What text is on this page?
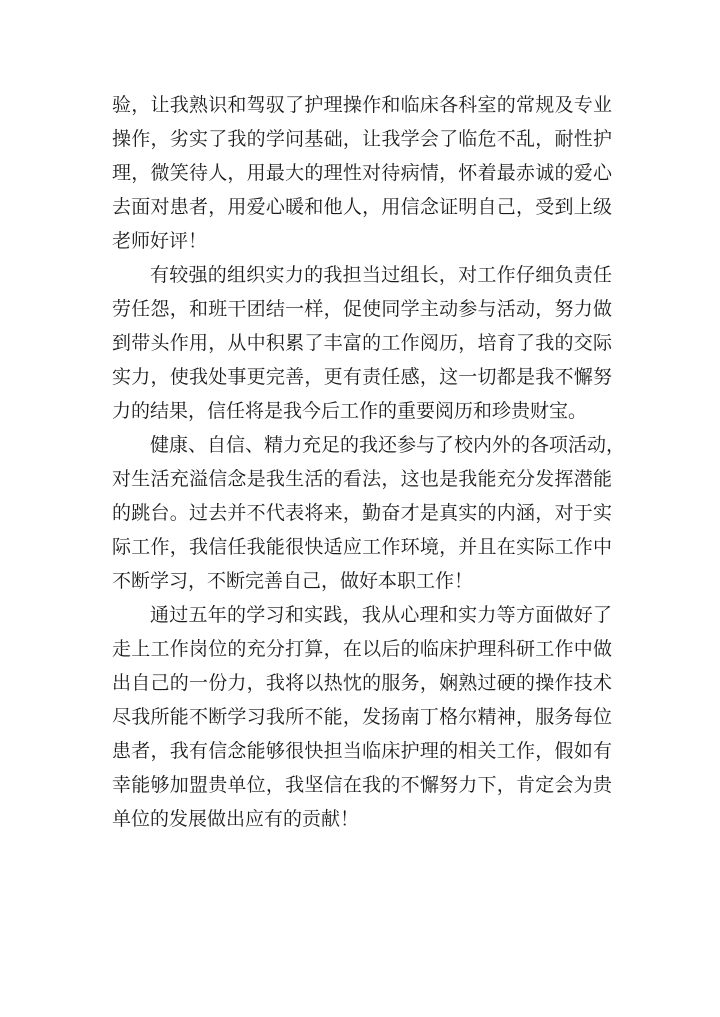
验，让我熟识和驾驭了护理操作和临床各科室的常规及专业
操作，劣实了我的学问基础，让我学会了临危不乱，耐性护
理，微笑待人，用最大的理性对待病情，怀着最赤诚的爱心
去面对患者，用爱心暖和他人，用信念证明自己，受到上级
老师好评！
有较强的组织实力的我担当过组长，对工作仔细负责任
劳任怨，和班干团结一样，促使同学主动参与活动，努力做
到带头作用，从中积累了丰富的工作阅历，培育了我的交际
实力，使我处事更完善，更有责任感，这一切都是我不懈努
力的结果，信任将是我今后工作的重要阅历和珍贵财宝。
健康、自信、精力充足的我还参与了校内外的各项活动，
对生活充溢信念是我生活的看法，这也是我能充分发挥潜能
的跳台。过去并不代表将来，勤奋才是真实的内涵，对于实
际工作，我信任我能很快适应工作环境，并且在实际工作中
不断学习，不断完善自己，做好本职工作！
通过五年的学习和实践，我从心理和实力等方面做好了
走上工作岗位的充分打算，在以后的临床护理科研工作中做
出自己的一份力，我将以热忱的服务，娴熟过硬的操作技术
尽我所能不断学习我所不能，发扬南丁格尔精神，服务每位
患者，我有信念能够很快担当临床护理的相关工作，假如有
幸能够加盟贵单位，我坚信在我的不懈努力下，肯定会为贵
单位的发展做出应有的贡献！
